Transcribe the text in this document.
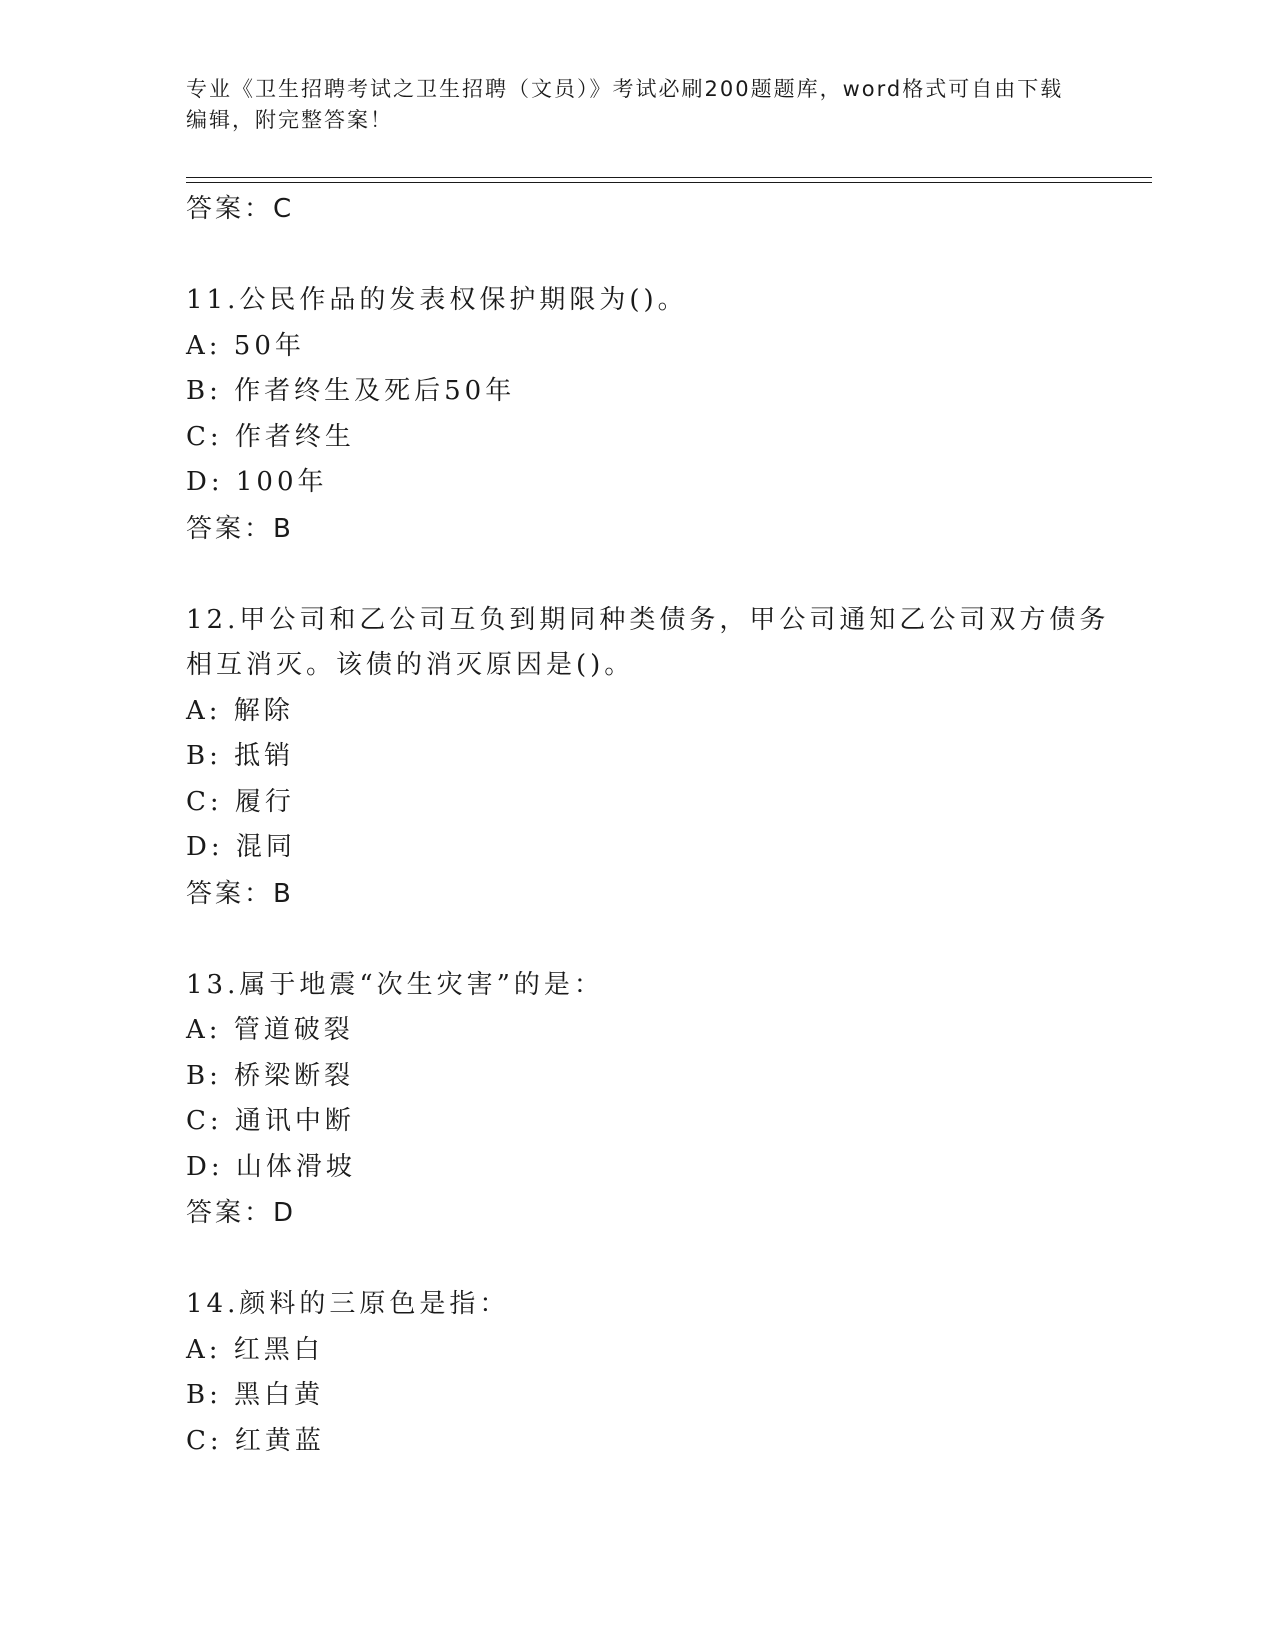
专业《卫生招聘考试之卫生招聘（文员）》考试必刷200题题库，word格式可自由下载编辑，附完整答案！
答案：C
11.公民作品的发表权保护期限为()。
A: 50年
B: 作者终生及死后50年
C: 作者终生
D: 100年
答案：B
12.甲公司和乙公司互负到期同种类债务，甲公司通知乙公司双方债务
相互消灭。该债的消灭原因是()。
A: 解除
B: 抵销
C: 履行
D: 混同
答案：B
13.属于地震“次生灾害”的是：
A: 管道破裂
B: 桥梁断裂
C: 通讯中断
D: 山体滑坡
答案：D
14.颜料的三原色是指：
A: 红黑白
B: 黑白黄
C: 红黄蓝
